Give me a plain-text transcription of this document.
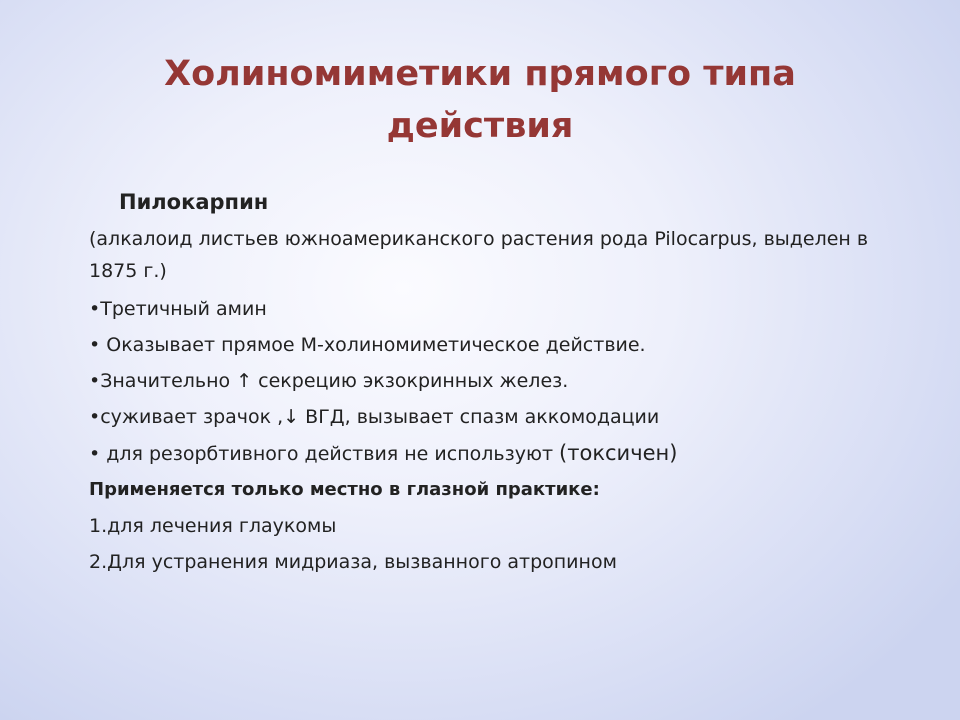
Холиномиметики прямого типа
действия
Пилокарпин
(алкалоид листьев южноамериканского растения рода Pilocarpus, выделен в 1875 г.)
•Третичный амин
• Оказывает прямое М-холиномиметическое действие.
•Значительно ↑ секрецию экзокринных желез.
•суживает зрачок ,↓ ВГД, вызывает спазм аккомодации
• для резорбтивного действия не используют (токсичен)
Применяется только местно в глазной практике:
1.для лечения глаукомы
2.Для устранения мидриаза, вызванного атропином
